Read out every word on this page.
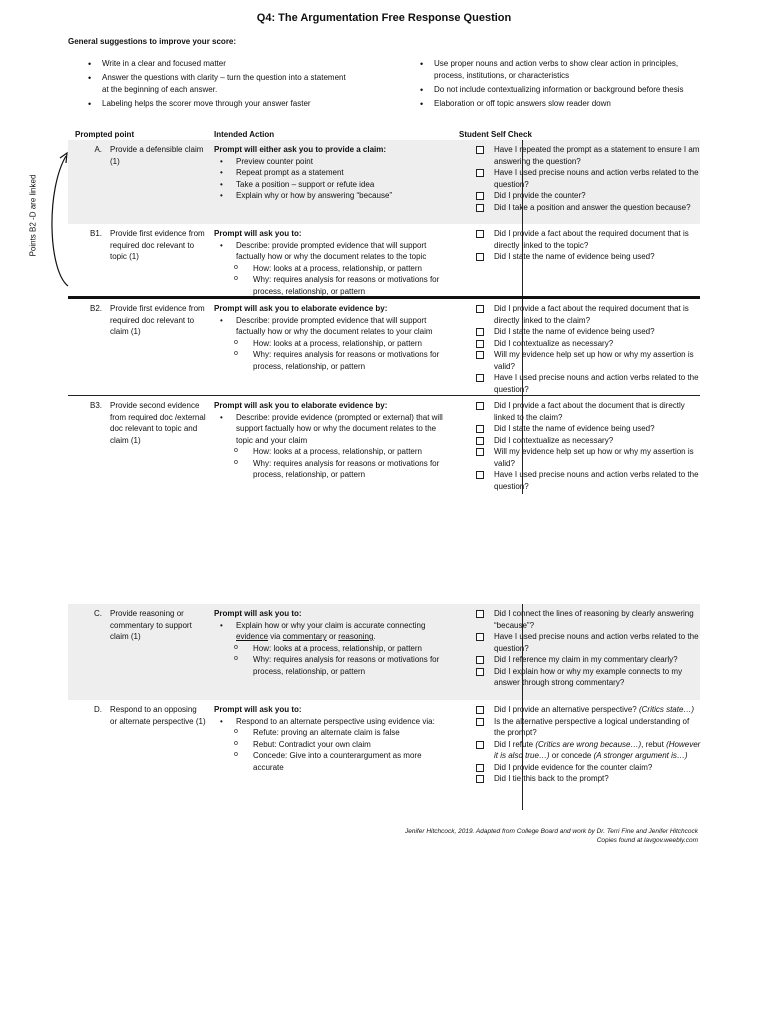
Q4: The Argumentation Free Response Question
General suggestions to improve your score:
• Write in a clear and focused matter
• Answer the questions with clarity – turn the question into a statement at the beginning of each answer.
• Labeling helps the scorer move through your answer faster
• Use proper nouns and action verbs to show clear action in principles, process, institutions, or characteristics
• Do not include contextualizing information or background before thesis
• Elaboration or off topic answers slow reader down
Prompted point	Intended Action	Student Self Check
Points B2 -D are linked
A. Provide a defensible claim (1)
Prompt will either ask you to provide a claim:
• Preview counter point
• Repeat prompt as a statement
• Take a position – support or refute idea
• Explain why or how by answering “because”
Have I repeated the prompt as a statement to ensure I am answering the question?
Have I used precise nouns and action verbs related to the question?
Did I provide the counter?
Did I take a position and answer the question because?
B1. Provide first evidence from required doc relevant to topic (1)
Prompt will ask you to:
• Describe: provide prompted evidence that will support factually how or why the document relates to the topic
o How: looks at a process, relationship, or pattern
o Why: requires analysis for reasons or motivations for process, relationship, or pattern
Did I provide a fact about the required document that is directly linked to the topic?
Did I state the name of evidence being used?
B2. Provide first evidence from required doc relevant to claim (1)
Prompt will ask you to elaborate evidence by:
• Describe: provide prompted evidence that will support factually how or why the document relates to your claim
o How: looks at a process, relationship, or pattern
o Why: requires analysis for reasons or motivations for process, relationship, or pattern
Did I provide a fact about the required document that is directly linked to the claim?
Did I state the name of evidence being used?
Did I contextualize as necessary?
Will my evidence help set up how or why my assertion is valid?
Have I used precise nouns and action verbs related to the question?
B3. Provide second evidence from required doc /external doc relevant to topic and claim (1)
Prompt will ask you to elaborate evidence by:
• Describe: provide evidence (prompted or external) that will support factually how or why the document relates to the topic and your claim
o How: looks at a process, relationship, or pattern
o Why: requires analysis for reasons or motivations for process, relationship, or pattern
Did I provide a fact about the document that is directly linked to the claim?
Did I state the name of evidence being used?
Did I contextualize as necessary?
Will my evidence help set up how or why my assertion is valid?
Have I used precise nouns and action verbs related to the question?
C. Provide reasoning or commentary to support claim (1)
Prompt will ask you to:
• Explain how or why your claim is accurate connecting evidence via commentary or reasoning.
o How: looks at a process, relationship, or pattern
o Why: requires analysis for reasons or motivations for process, relationship, or pattern
Did I connect the lines of reasoning by clearly answering “because”?
Have I used precise nouns and action verbs related to the question?
Did I reference my claim in my commentary clearly?
Did I explain how or why my example connects to my answer through strong commentary?
D. Respond to an opposing or alternate perspective (1)
Prompt will ask you to:
• Respond to an alternate perspective using evidence via:
o Refute: proving an alternate claim is false
o Rebut: Contradict your own claim
o Concede: Give into a counterargument as more accurate
Did I provide an alternative perspective? (Critics state…)
Is the alternative perspective a logical understanding of the prompt?
Did I refute (Critics are wrong because…), rebut (However it is also true…) or concede (A stronger argument is…)
Did I provide evidence for the counter claim?
Did I tie this back to the prompt?
Jenifer Hitchcock, 2019. Adapted from College Board and work by Dr. Terri Fine and Jenifer Hitchcock
Copies found at lavgov.weebly.com
